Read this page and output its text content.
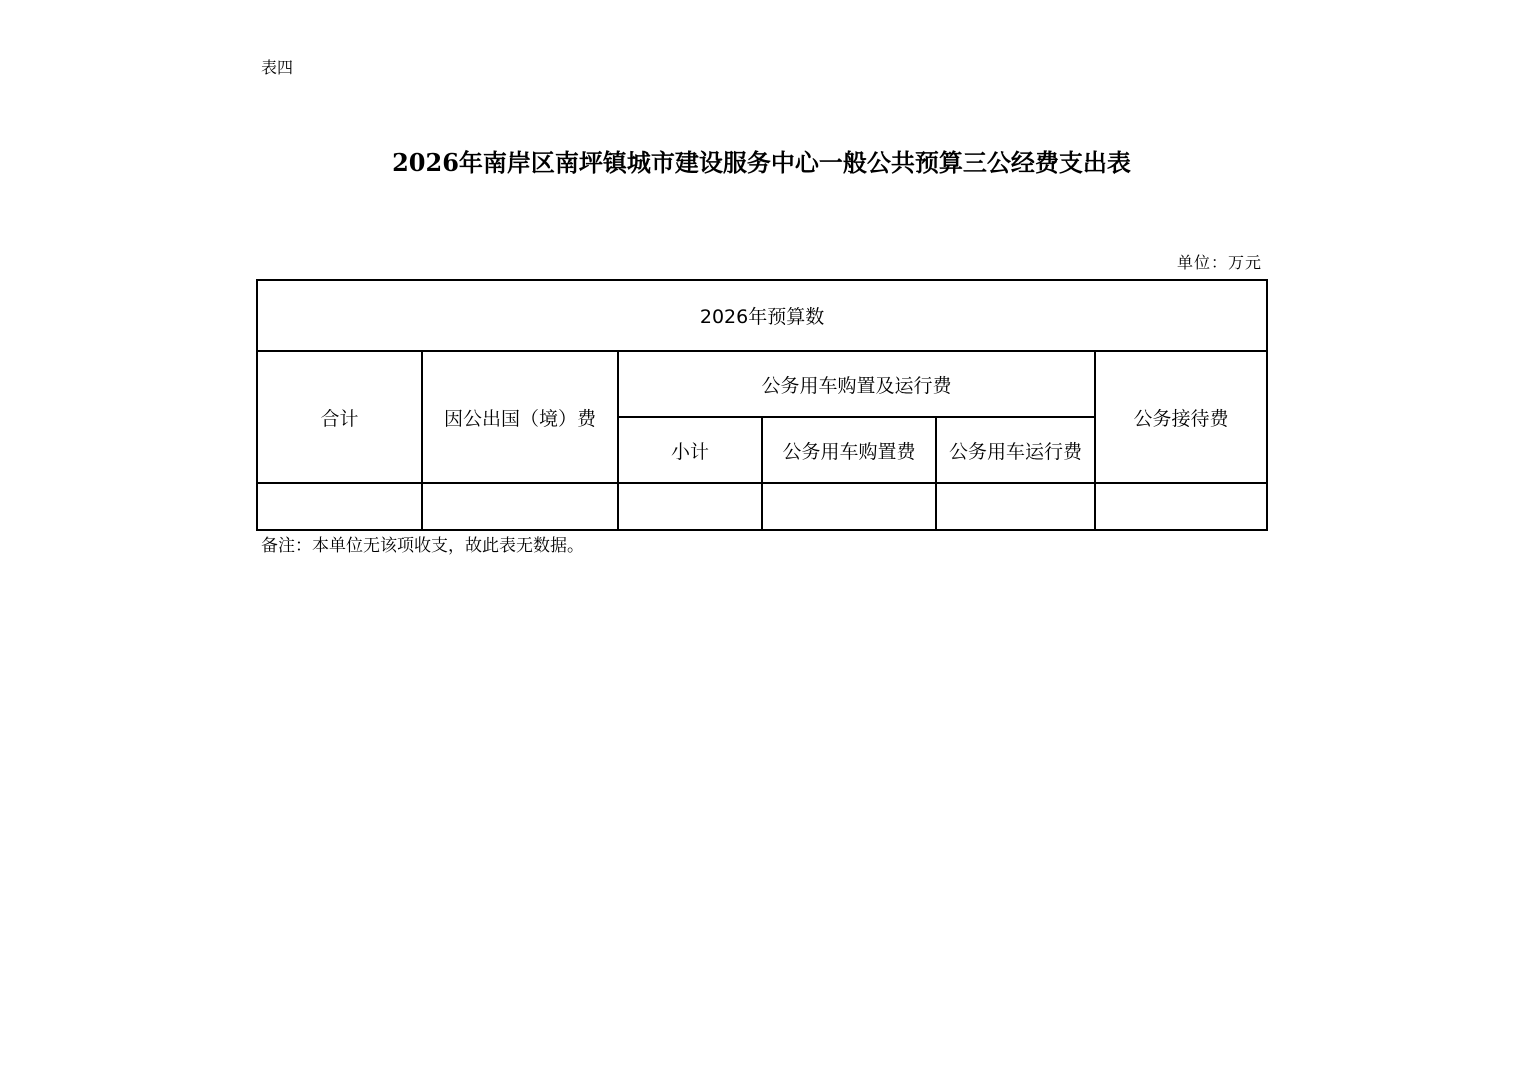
表四
2026年南岸区南坪镇城市建设服务中心一般公共预算三公经费支出表
单位：万元
2026年预算数					
合计	因公出国（境）费	公务用车购置及运行费			公务接待费
		小计	公务用车购置费	公务用车运行费	

备注：本单位无该项收支，故此表无数据。
